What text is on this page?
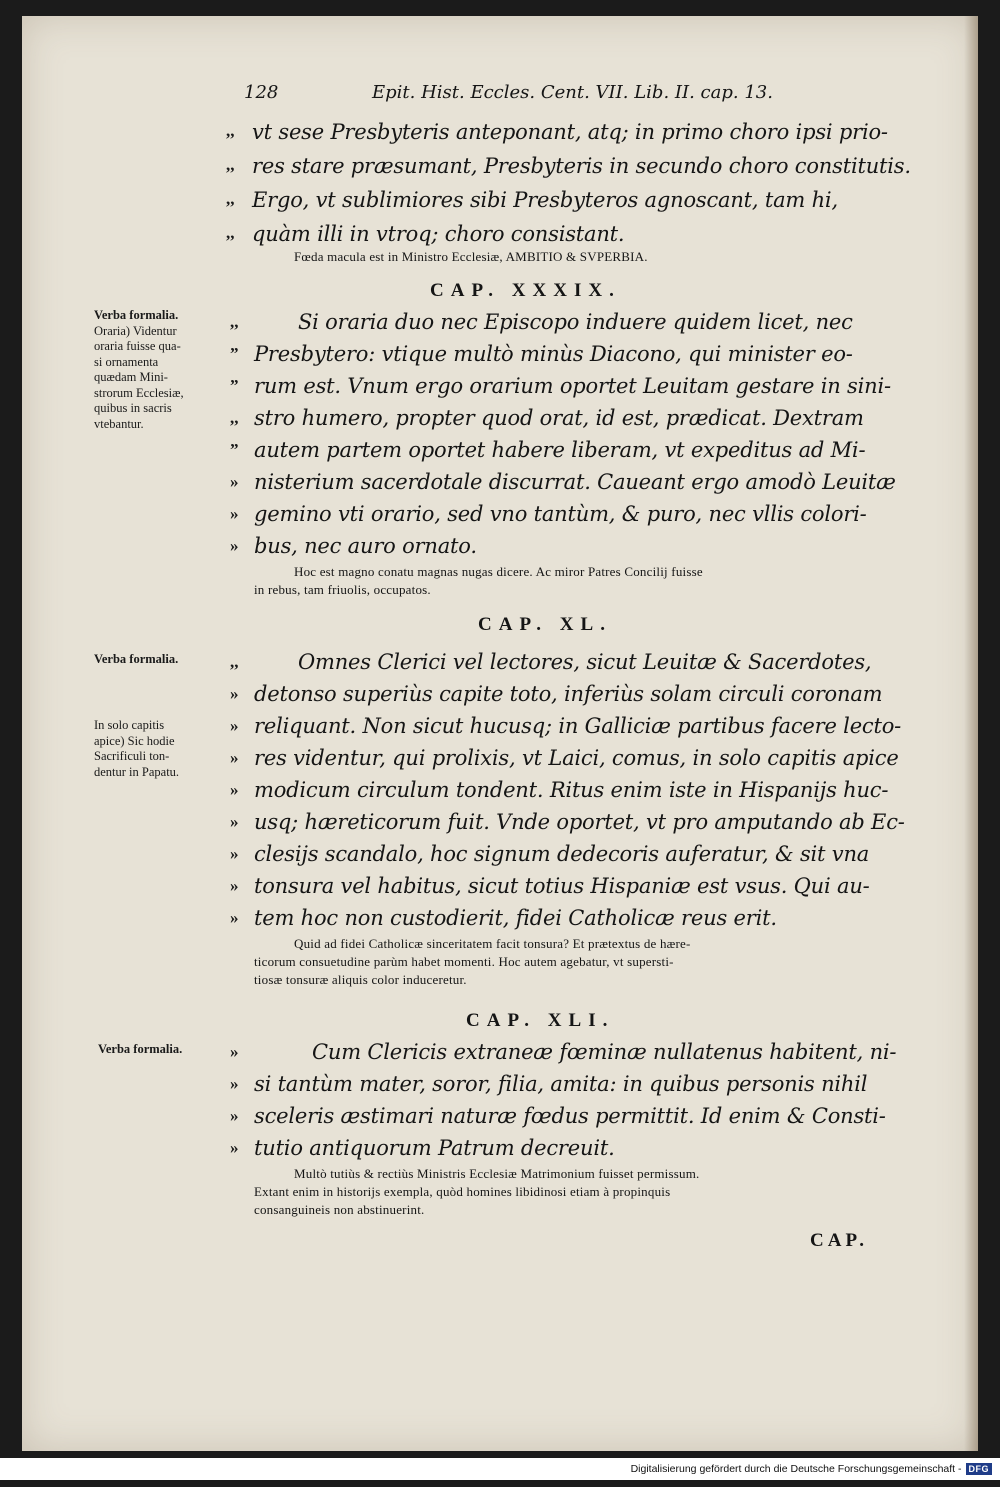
128	Epit. Hist. Eccles. Cent. VII. Lib. II. cap. 13.
,,
,,
,,
,,
vt sese Presbyteris anteponant, atq; in primo choro ipsi prio-
res stare præsumant, Presbyteris in secundo choro constitutis.
Ergo, vt sublimiores sibi Presbyteros agnoscant, tam hi,
quàm illi in vtroq; choro consistant.
Fœda macula est in Ministro Ecclesiæ, AMBITIO & SVPERBIA.
CAP. XXXIX.
Verba formalia.
Oraria) Videntur
oraria fuisse qua-
si ornamenta
quædam Mini-
strorum Ecclesiæ,
quibus in sacris
vtebantur.
,,
”
”
,,
”
»
»
»
Si oraria duo nec Episcopo induere quidem licet, nec
Presbytero: vtique multò minùs Diacono, qui minister eo-
rum est. Vnum ergo orarium oportet Leuitam gestare in sini-
stro humero, propter quod orat, id est, prædicat. Dextram
autem partem oportet habere liberam, vt expeditus ad Mi-
nisterium sacerdotale discurrat. Caueant ergo amodò Leuitæ
gemino vti orario, sed vno tantùm, & puro, nec vllis colori-
bus, nec auro ornato.
Hoc est magno conatu magnas nugas dicere. Ac miror Patres Concilij fuisse
in rebus, tam friuolis, occupatos.
CAP. XL.
Verba formalia.
In solo capitis
apice) Sic hodie
Sacrificuli ton-
dentur in Papatu.
,,
»
»
»
»
»
»
»
»
Omnes Clerici vel lectores, sicut Leuitæ & Sacerdotes,
detonso superiùs capite toto, inferiùs solam circuli coronam
reliquant. Non sicut hucusq; in Galliciæ partibus facere lecto-
res videntur, qui prolixis, vt Laici, comus, in solo capitis apice
modicum circulum tondent. Ritus enim iste in Hispanijs huc-
usq; hæreticorum fuit. Vnde oportet, vt pro amputando ab Ec-
clesijs scandalo, hoc signum dedecoris auferatur, & sit vna
tonsura vel habitus, sicut totius Hispaniæ est vsus. Qui au-
tem hoc non custodierit, fidei Catholicæ reus erit.
Quid ad fidei Catholicæ sinceritatem facit tonsura? Et prætextus de hære-
ticorum consuetudine parùm habet momenti. Hoc autem agebatur, vt supersti-
tiosæ tonsuræ aliquis color induceretur.
CAP. XLI.
Verba formalia.	»
»
»
»
Cum Clericis extraneæ fœminæ nullatenus habitent, ni-
si tantùm mater, soror, filia, amita: in quibus personis nihil
sceleris æstimari naturæ fœdus permittit. Id enim & Consti-
tutio antiquorum Patrum decreuit.
Multò tutiùs & rectiùs Ministris Ecclesiæ Matrimonium fuisset permissum.
Extant enim in historijs exempla, quòd homines libidinosi etiam à propinquis
consanguineis non abstinuerint.
CAP.
Digitalisierung gefördert durch die Deutsche Forschungsgemeinschaft - DFG
